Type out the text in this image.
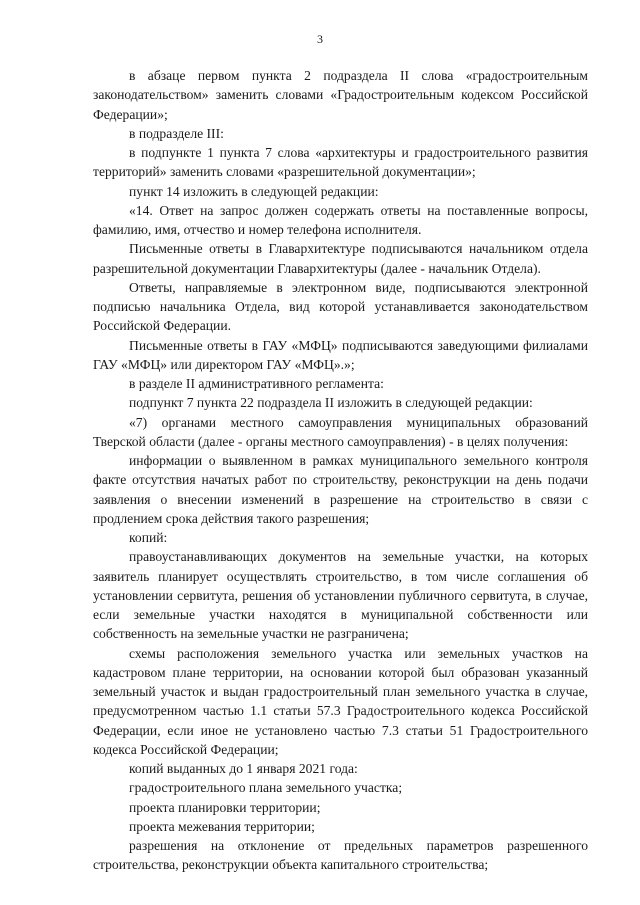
3

в абзаце первом пункта 2 подраздела II слова «градостроительным законодательством» заменить словами «Градостроительным кодексом Российской Федерации»;

в подразделе III:

в подпункте 1 пункта 7 слова «архитектуры и градостроительного развития территорий» заменить словами «разрешительной документации»;

пункт 14 изложить в следующей редакции:

«14. Ответ на запрос должен содержать ответы на поставленные вопросы, фамилию, имя, отчество и номер телефона исполнителя.

Письменные ответы в Главархитектуре подписываются начальником отдела разрешительной документации Главархитектуры (далее - начальник Отдела).

Ответы, направляемые в электронном виде, подписываются электронной подписью начальника Отдела, вид которой устанавливается законодательством Российской Федерации.

Письменные ответы в ГАУ «МФЦ» подписываются заведующими филиалами ГАУ «МФЦ» или директором ГАУ «МФЦ».»;

в разделе II административного регламента:

подпункт 7 пункта 22 подраздела II изложить в следующей редакции:

«7) органами местного самоуправления муниципальных образований Тверской области (далее - органы местного самоуправления) - в целях получения:

информации о выявленном в рамках муниципального земельного контроля факте отсутствия начатых работ по строительству, реконструкции на день подачи заявления о внесении изменений в разрешение на строительство в связи с продлением срока действия такого разрешения;

копий:

правоустанавливающих документов на земельные участки, на которых заявитель планирует осуществлять строительство, в том числе соглашения об установлении сервитута, решения об установлении публичного сервитута, в случае, если земельные участки находятся в муниципальной собственности или собственность на земельные участки не разграничена;

схемы расположения земельного участка или земельных участков на кадастровом плане территории, на основании которой был образован указанный земельный участок и выдан градостроительный план земельного участка в случае, предусмотренном частью 1.1 статьи 57.3 Градостроительного кодекса Российской Федерации, если иное не установлено частью 7.3 статьи 51 Градостроительного кодекса Российской Федерации;

копий выданных до 1 января 2021 года:

градостроительного плана земельного участка;

проекта планировки территории;

проекта межевания территории;

разрешения на отклонение от предельных параметров разрешенного строительства, реконструкции объекта капитального строительства;
